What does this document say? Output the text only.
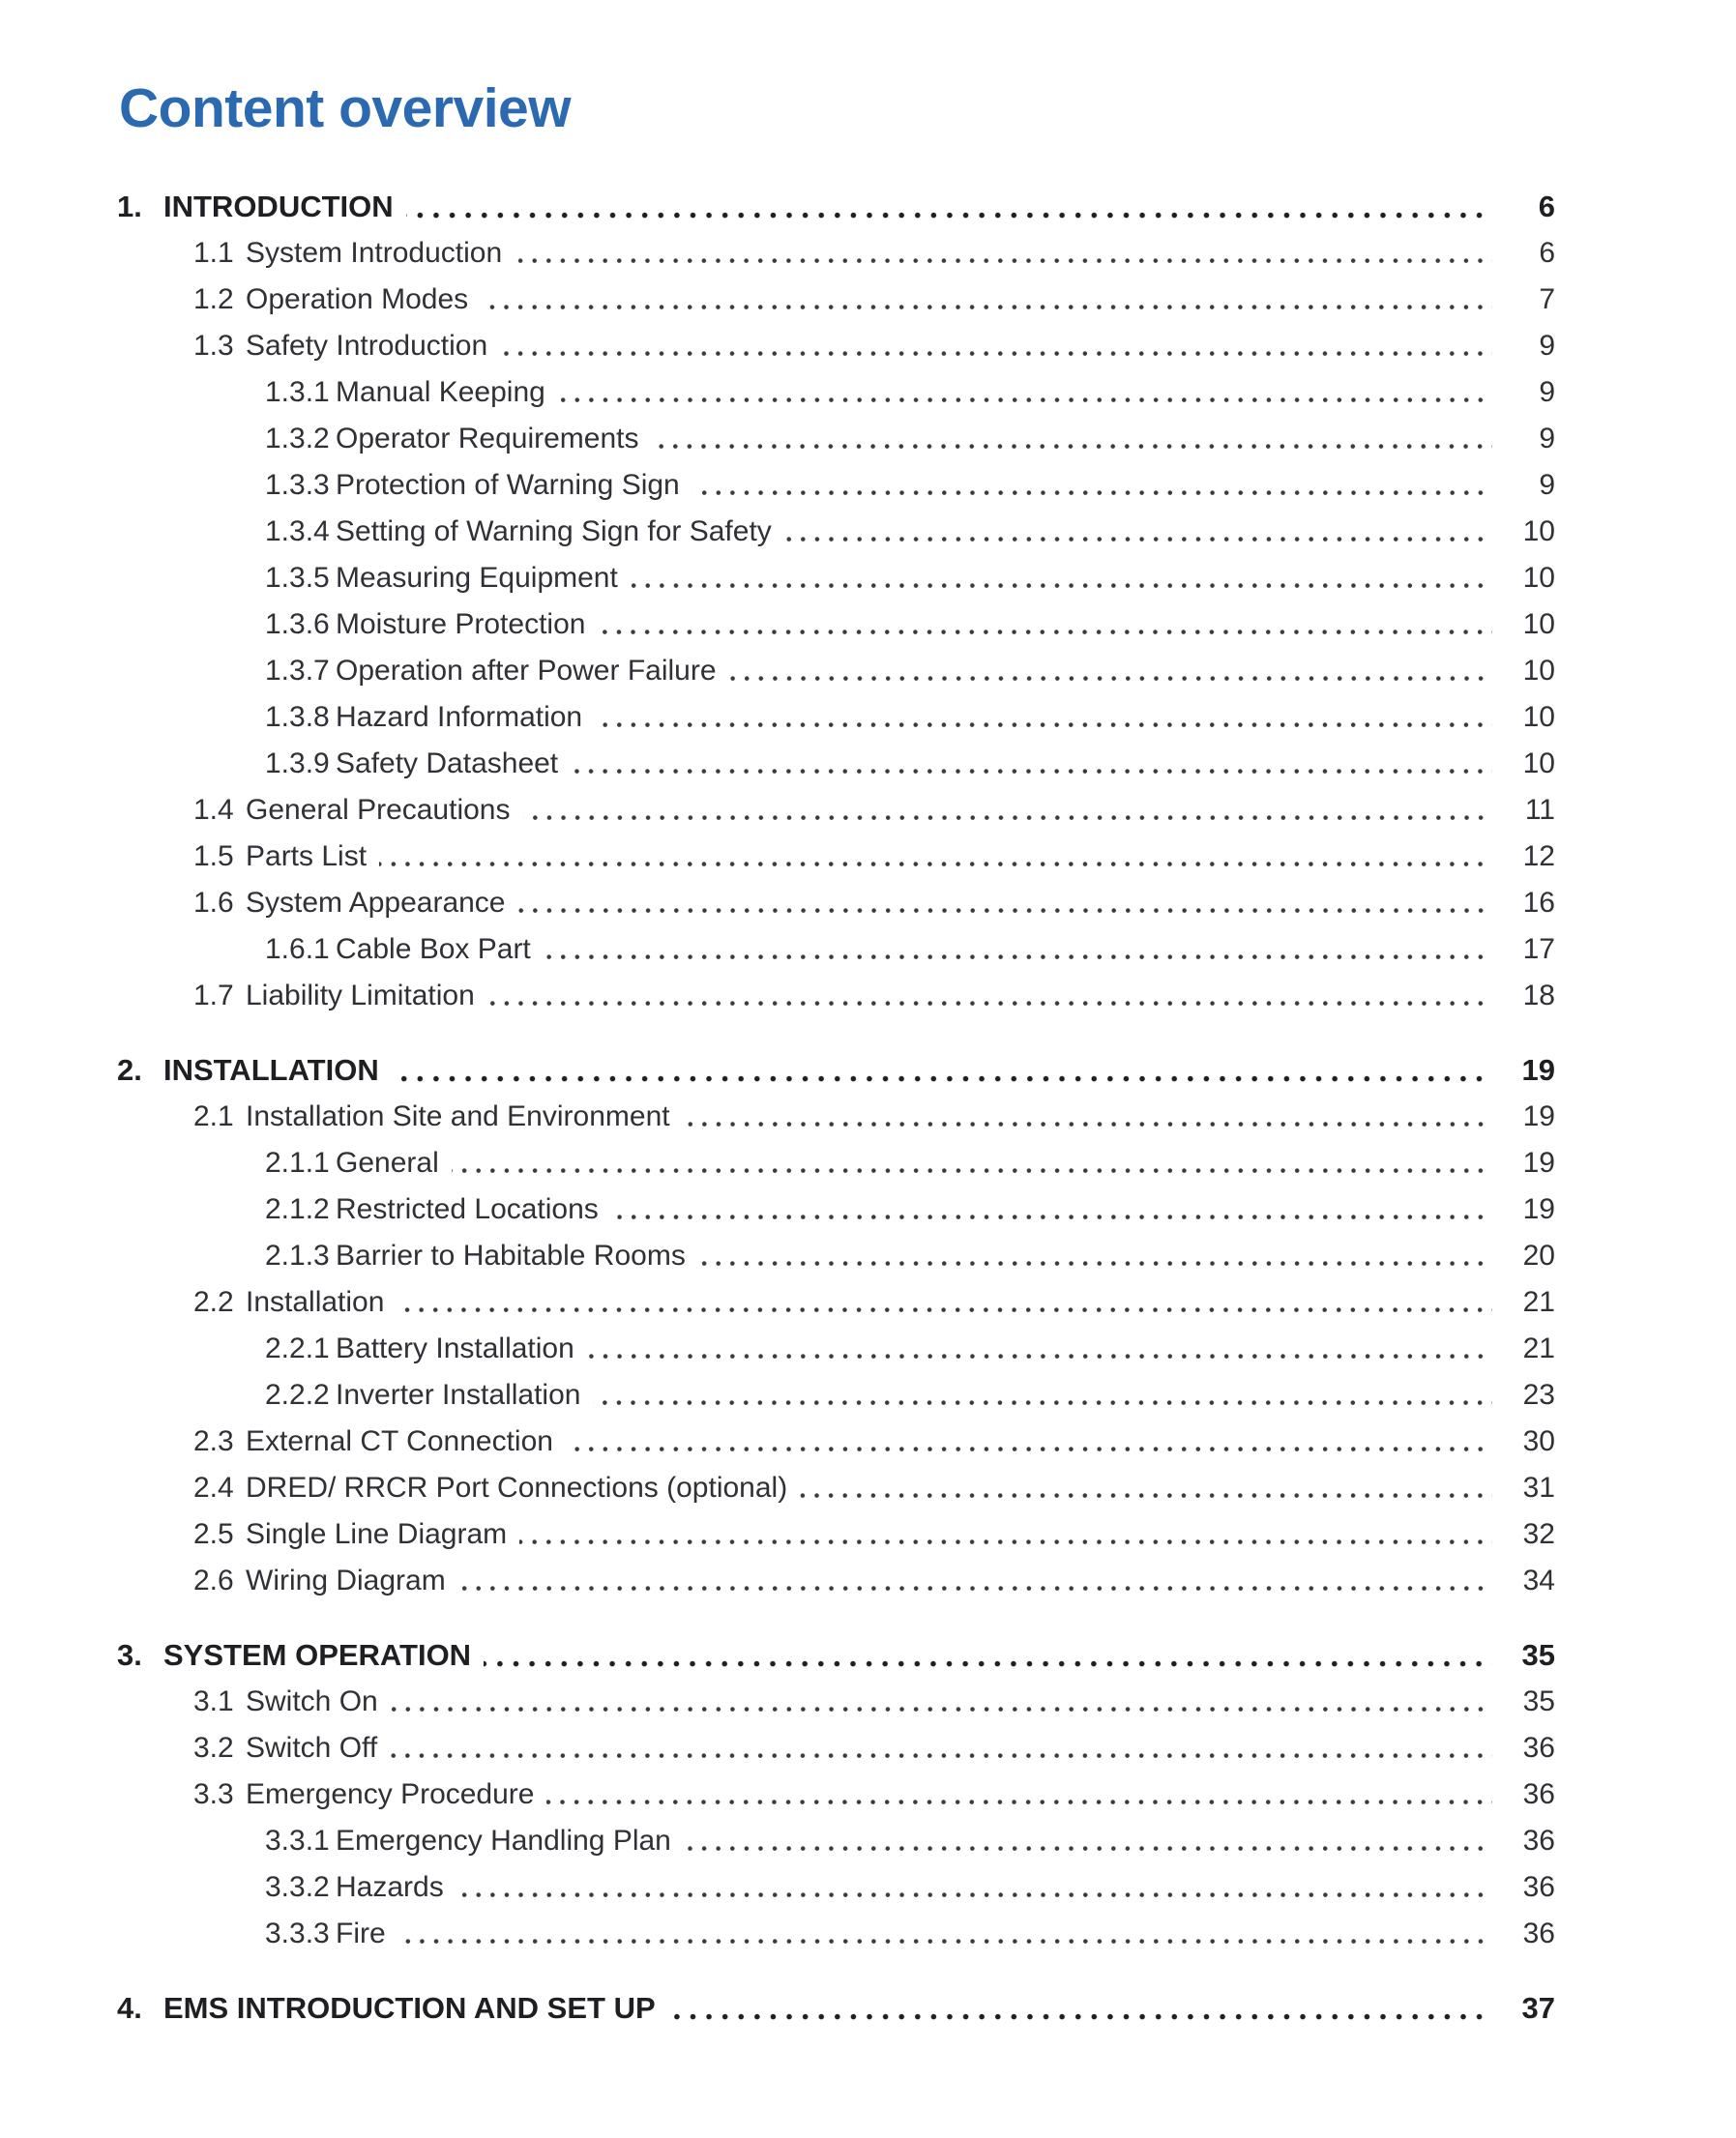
Content overview
1. INTRODUCTION	6
1.1 System Introduction	6
1.2 Operation Modes	7
1.3 Safety Introduction	9
1.3.1 Manual Keeping	9
1.3.2 Operator Requirements	9
1.3.3 Protection of Warning Sign	9
1.3.4 Setting of Warning Sign for Safety	10
1.3.5 Measuring Equipment	10
1.3.6 Moisture Protection	10
1.3.7 Operation after Power Failure	10
1.3.8 Hazard Information	10
1.3.9 Safety Datasheet	10
1.4 General Precautions	11
1.5 Parts List	12
1.6 System Appearance	16
1.6.1 Cable Box Part	17
1.7 Liability Limitation	18
2. INSTALLATION	19
2.1 Installation Site and Environment	19
2.1.1 General	19
2.1.2 Restricted Locations	19
2.1.3 Barrier to Habitable Rooms	20
2.2 Installation	21
2.2.1 Battery Installation	21
2.2.2 Inverter Installation	23
2.3 External CT Connection	30
2.4 DRED/ RRCR Port Connections (optional)	31
2.5 Single Line Diagram	32
2.6 Wiring Diagram	34
3. SYSTEM OPERATION	35
3.1 Switch On	35
3.2 Switch Off	36
3.3 Emergency Procedure	36
3.3.1 Emergency Handling Plan	36
3.3.2 Hazards	36
3.3.3 Fire	36
4. EMS INTRODUCTION AND SET UP	37
